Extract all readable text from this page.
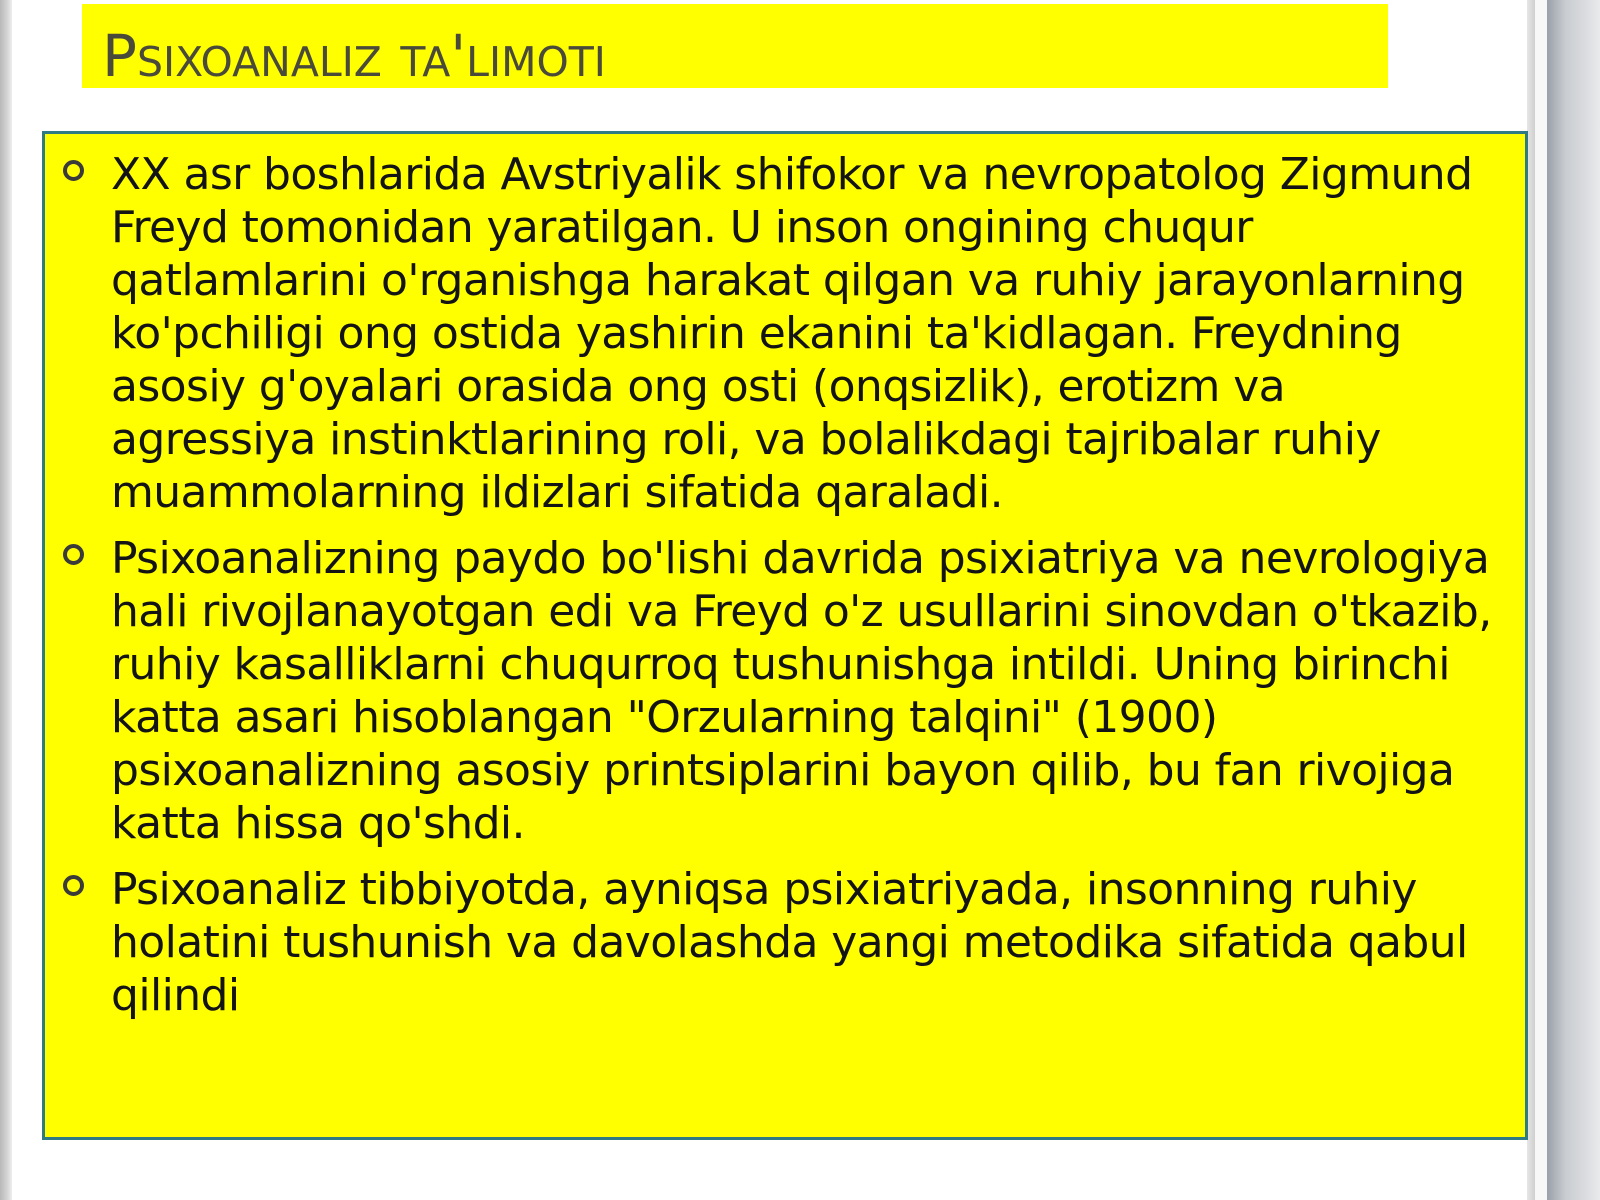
Psixoanaliz ta'limoti
XX asr boshlarida Avstriyalik shifokor va nevropatolog Zigmund Freyd tomonidan yaratilgan. U inson ongining chuqur qatlamlarini o'rganishga harakat qilgan va ruhiy jarayonlarning ko'pchiligi ong ostida yashirin ekanini ta'kidlagan. Freydning asosiy g'oyalari orasida ong osti (onqsizlik), erotizm va agressiya instinktlarining roli, va bolalikdagi tajribalar ruhiy muammolarning ildizlari sifatida qaraladi.
Psixoanalizning paydo bo'lishi davrida psixiatriya va nevrologiya hali rivojlanayotgan edi va Freyd o'z usullarini sinovdan o'tkazib, ruhiy kasalliklarni chuqurroq tushunishga intildi. Uning birinchi katta asari hisoblangan "Orzularning talqini" (1900) psixoanalizning asosiy printsiplarini bayon qilib, bu fan rivojiga katta hissa qo'shdi.
Psixoanaliz tibbiyotda, ayniqsa psixiatriyada, insonning ruhiy holatini tushunish va davolashda yangi metodika sifatida qabul qilindi
